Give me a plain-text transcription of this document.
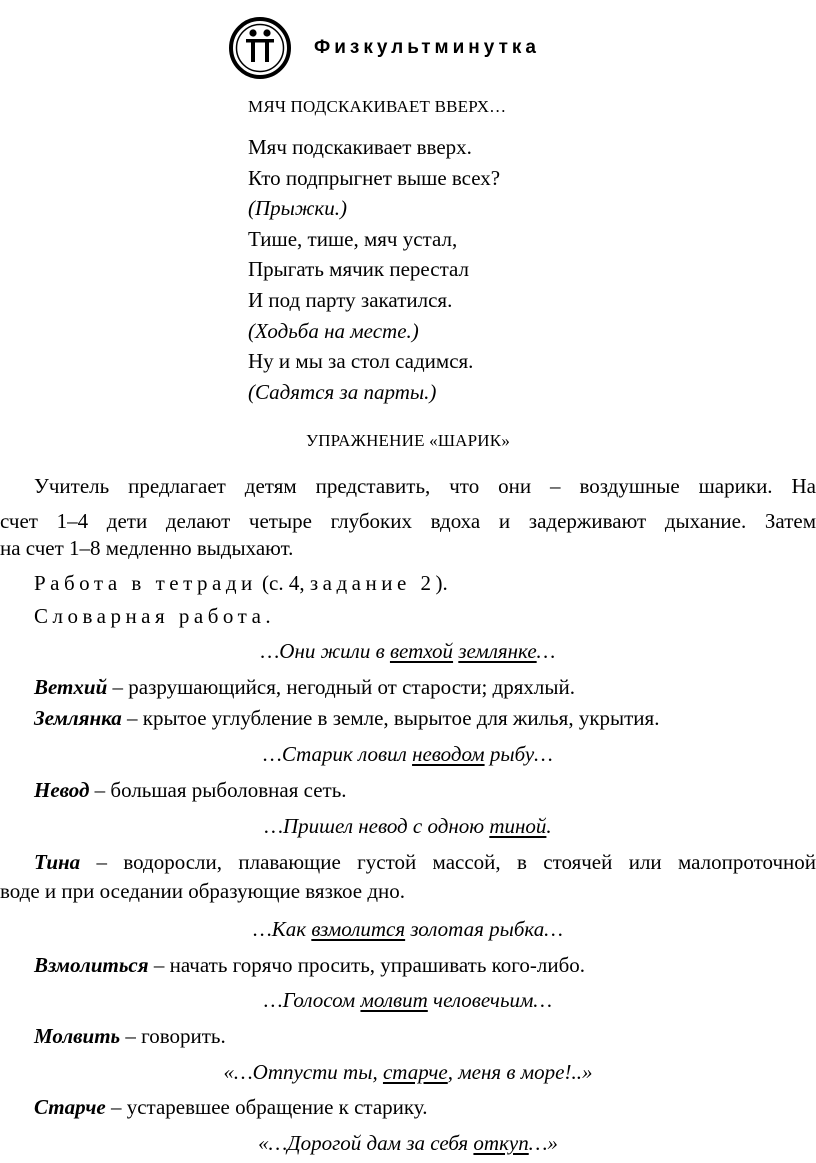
Физкультминутка
МЯЧ ПОДСКАКИВАЕТ ВВЕРХ…
Мяч подскакивает вверх.
Кто подпрыгнет выше всех?
(Прыжки.)
Тише, тише, мяч устал,
Прыгать мячик перестал
И под парту закатился.
(Ходьба на месте.)
Ну и мы за стол садимся.
(Садятся за парты.)
УПРАЖНЕНИЕ «ШАРИК»
Учитель предлагает детям представить, что они – воздушные шарики. На
счет 1–4 дети делают четыре глубоких вдоха и задерживают дыхание. Затем
на счет 1–8 медленно выдыхают.
Работа в тетради (с. 4, задание 2).
Словарная работа.
…Они жили в ветхой землянке…
Ветхий – разрушающийся, негодный от старости; дряхлый.
Землянка – крытое углубление в земле, вырытое для жилья, укрытия.
…Старик ловил неводом рыбу…
Невод – большая рыболовная сеть.
…Пришел невод с одною тиной.
Тина – водоросли, плавающие густой массой, в стоячей или малопроточной
воде и при оседании образующие вязкое дно.
…Как взмолится золотая рыбка…
Взмолиться – начать горячо просить, упрашивать кого-либо.
…Голосом молвит человечьим…
Молвить – говорить.
«…Отпусти ты, старче, меня в море!..»
Старче – устаревшее обращение к старику.
«…Дорогой дам за себя откуп…»
